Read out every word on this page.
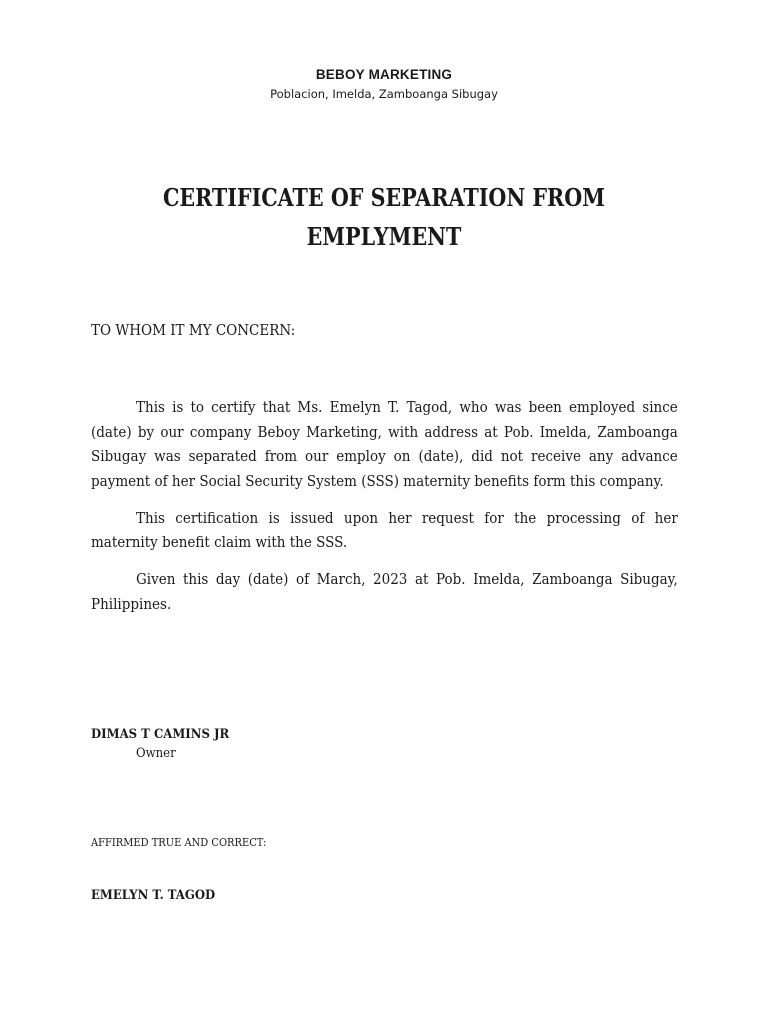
BEBOY MARKETING
Poblacion, Imelda, Zamboanga Sibugay
CERTIFICATE OF SEPARATION FROM
EMPLYMENT
TO WHOM IT MY CONCERN:

This is to certify that Ms. Emelyn T. Tagod, who was been employed since (date) by our company Beboy Marketing, with address at Pob. Imelda, Zamboanga Sibugay was separated from our employ on (date), did not receive any advance payment of her Social Security System (SSS) maternity benefits form this company.

This certification is issued upon her request for the processing of her maternity benefit claim with the SSS.

Given this day (date) of March, 2023 at Pob. Imelda, Zamboanga Sibugay, Philippines.

DIMAS T CAMINS JR
Owner
AFFIRMED TRUE AND CORRECT:
EMELYN T. TAGOD
